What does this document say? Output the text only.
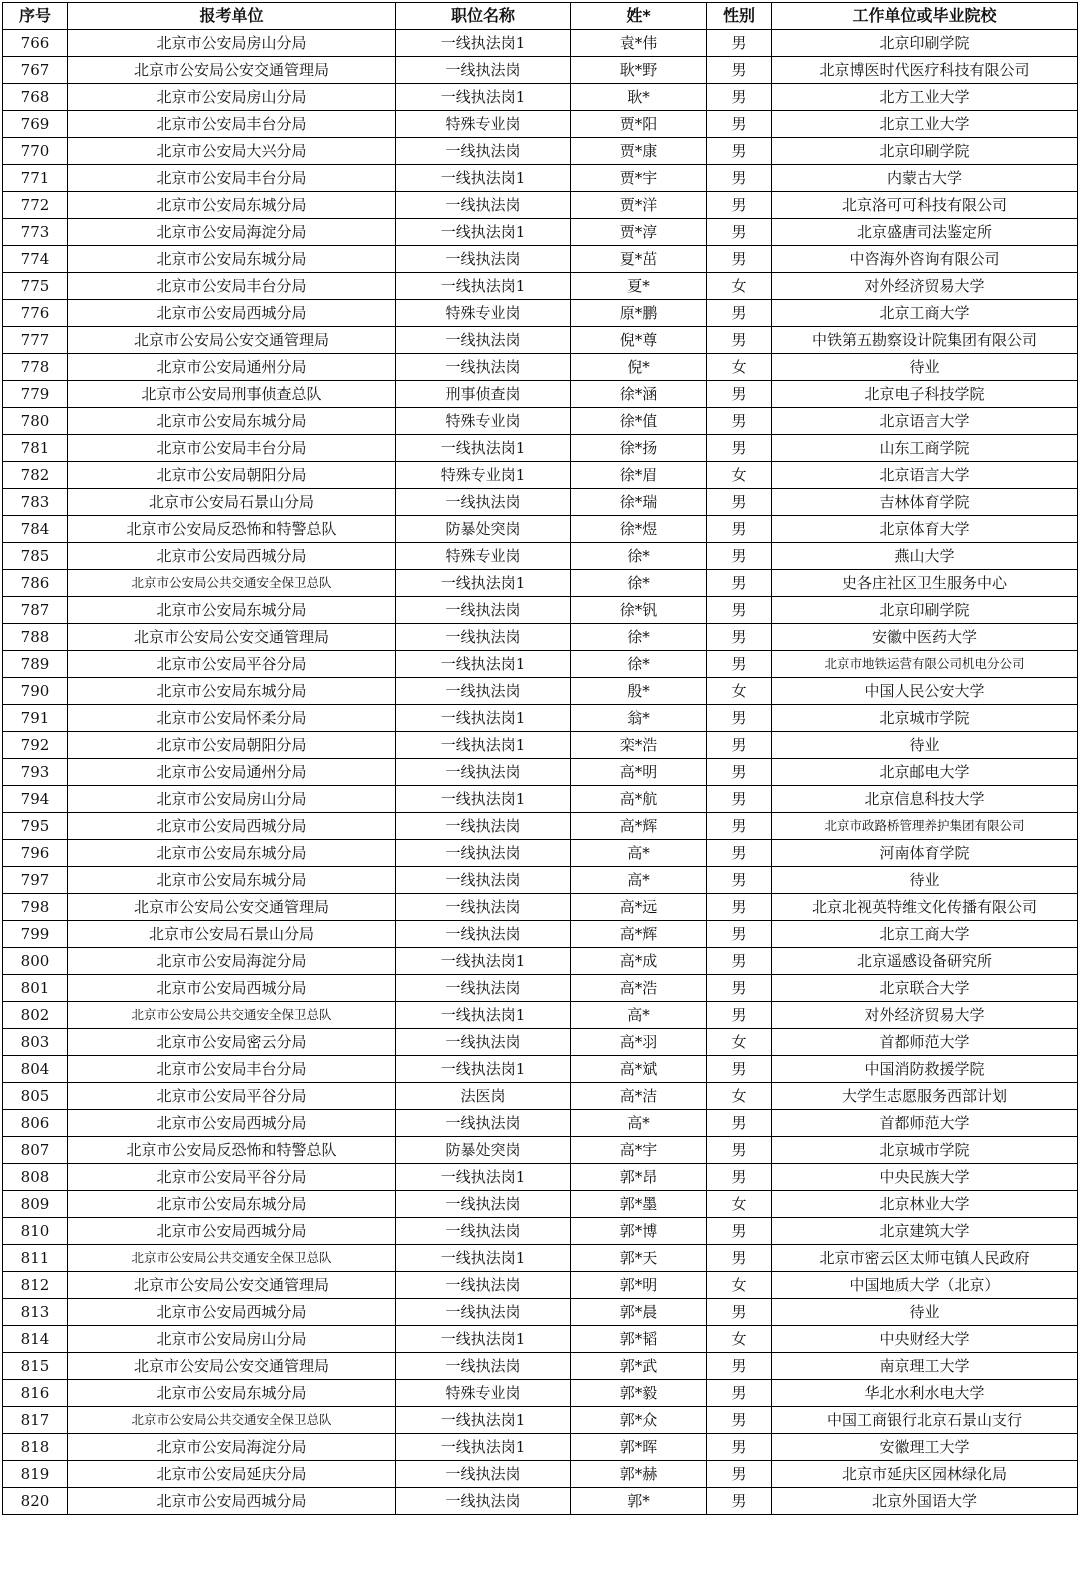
序号	报考单位	职位名称	姓*	性别	工作单位或毕业院校
766	北京市公安局房山分局	一线执法岗1	袁*伟	男	北京印刷学院
767	北京市公安局公安交通管理局	一线执法岗	耿*野	男	北京博医时代医疗科技有限公司
768	北京市公安局房山分局	一线执法岗1	耿*	男	北方工业大学
769	北京市公安局丰台分局	特殊专业岗	贾*阳	男	北京工业大学
770	北京市公安局大兴分局	一线执法岗	贾*康	男	北京印刷学院
771	北京市公安局丰台分局	一线执法岗1	贾*宇	男	内蒙古大学
772	北京市公安局东城分局	一线执法岗	贾*洋	男	北京洛可可科技有限公司
773	北京市公安局海淀分局	一线执法岗1	贾*淳	男	北京盛唐司法鉴定所
774	北京市公安局东城分局	一线执法岗	夏*茁	男	中咨海外咨询有限公司
775	北京市公安局丰台分局	一线执法岗1	夏*	女	对外经济贸易大学
776	北京市公安局西城分局	特殊专业岗	原*鹏	男	北京工商大学
777	北京市公安局公安交通管理局	一线执法岗	倪*尊	男	中铁第五勘察设计院集团有限公司
778	北京市公安局通州分局	一线执法岗	倪*	女	待业
779	北京市公安局刑事侦查总队	刑事侦查岗	徐*涵	男	北京电子科技学院
780	北京市公安局东城分局	特殊专业岗	徐*值	男	北京语言大学
781	北京市公安局丰台分局	一线执法岗1	徐*扬	男	山东工商学院
782	北京市公安局朝阳分局	特殊专业岗1	徐*眉	女	北京语言大学
783	北京市公安局石景山分局	一线执法岗	徐*瑞	男	吉林体育学院
784	北京市公安局反恐怖和特警总队	防暴处突岗	徐*煜	男	北京体育大学
785	北京市公安局西城分局	特殊专业岗	徐*	男	燕山大学
786	北京市公安局公共交通安全保卫总队	一线执法岗1	徐*	男	史各庄社区卫生服务中心
787	北京市公安局东城分局	一线执法岗	徐*钒	男	北京印刷学院
788	北京市公安局公安交通管理局	一线执法岗	徐*	男	安徽中医药大学
789	北京市公安局平谷分局	一线执法岗1	徐*	男	北京市地铁运营有限公司机电分公司
790	北京市公安局东城分局	一线执法岗	殷*	女	中国人民公安大学
791	北京市公安局怀柔分局	一线执法岗1	翁*	男	北京城市学院
792	北京市公安局朝阳分局	一线执法岗1	栾*浩	男	待业
793	北京市公安局通州分局	一线执法岗	高*明	男	北京邮电大学
794	北京市公安局房山分局	一线执法岗1	高*航	男	北京信息科技大学
795	北京市公安局西城分局	一线执法岗	高*辉	男	北京市政路桥管理养护集团有限公司
796	北京市公安局东城分局	一线执法岗	高*	男	河南体育学院
797	北京市公安局东城分局	一线执法岗	高*	男	待业
798	北京市公安局公安交通管理局	一线执法岗	高*远	男	北京北视英特维文化传播有限公司
799	北京市公安局石景山分局	一线执法岗	高*辉	男	北京工商大学
800	北京市公安局海淀分局	一线执法岗1	高*成	男	北京遥感设备研究所
801	北京市公安局西城分局	一线执法岗	高*浩	男	北京联合大学
802	北京市公安局公共交通安全保卫总队	一线执法岗1	高*	男	对外经济贸易大学
803	北京市公安局密云分局	一线执法岗	高*羽	女	首都师范大学
804	北京市公安局丰台分局	一线执法岗1	高*斌	男	中国消防救援学院
805	北京市公安局平谷分局	法医岗	高*洁	女	大学生志愿服务西部计划
806	北京市公安局西城分局	一线执法岗	高*	男	首都师范大学
807	北京市公安局反恐怖和特警总队	防暴处突岗	高*宇	男	北京城市学院
808	北京市公安局平谷分局	一线执法岗1	郭*昂	男	中央民族大学
809	北京市公安局东城分局	一线执法岗	郭*墨	女	北京林业大学
810	北京市公安局西城分局	一线执法岗	郭*博	男	北京建筑大学
811	北京市公安局公共交通安全保卫总队	一线执法岗1	郭*天	男	北京市密云区太师屯镇人民政府
812	北京市公安局公安交通管理局	一线执法岗	郭*明	女	中国地质大学（北京）
813	北京市公安局西城分局	一线执法岗	郭*晨	男	待业
814	北京市公安局房山分局	一线执法岗1	郭*韬	女	中央财经大学
815	北京市公安局公安交通管理局	一线执法岗	郭*武	男	南京理工大学
816	北京市公安局东城分局	特殊专业岗	郭*毅	男	华北水利水电大学
817	北京市公安局公共交通安全保卫总队	一线执法岗1	郭*众	男	中国工商银行北京石景山支行
818	北京市公安局海淀分局	一线执法岗1	郭*晖	男	安徽理工大学
819	北京市公安局延庆分局	一线执法岗	郭*赫	男	北京市延庆区园林绿化局
820	北京市公安局西城分局	一线执法岗	郭*	男	北京外国语大学
